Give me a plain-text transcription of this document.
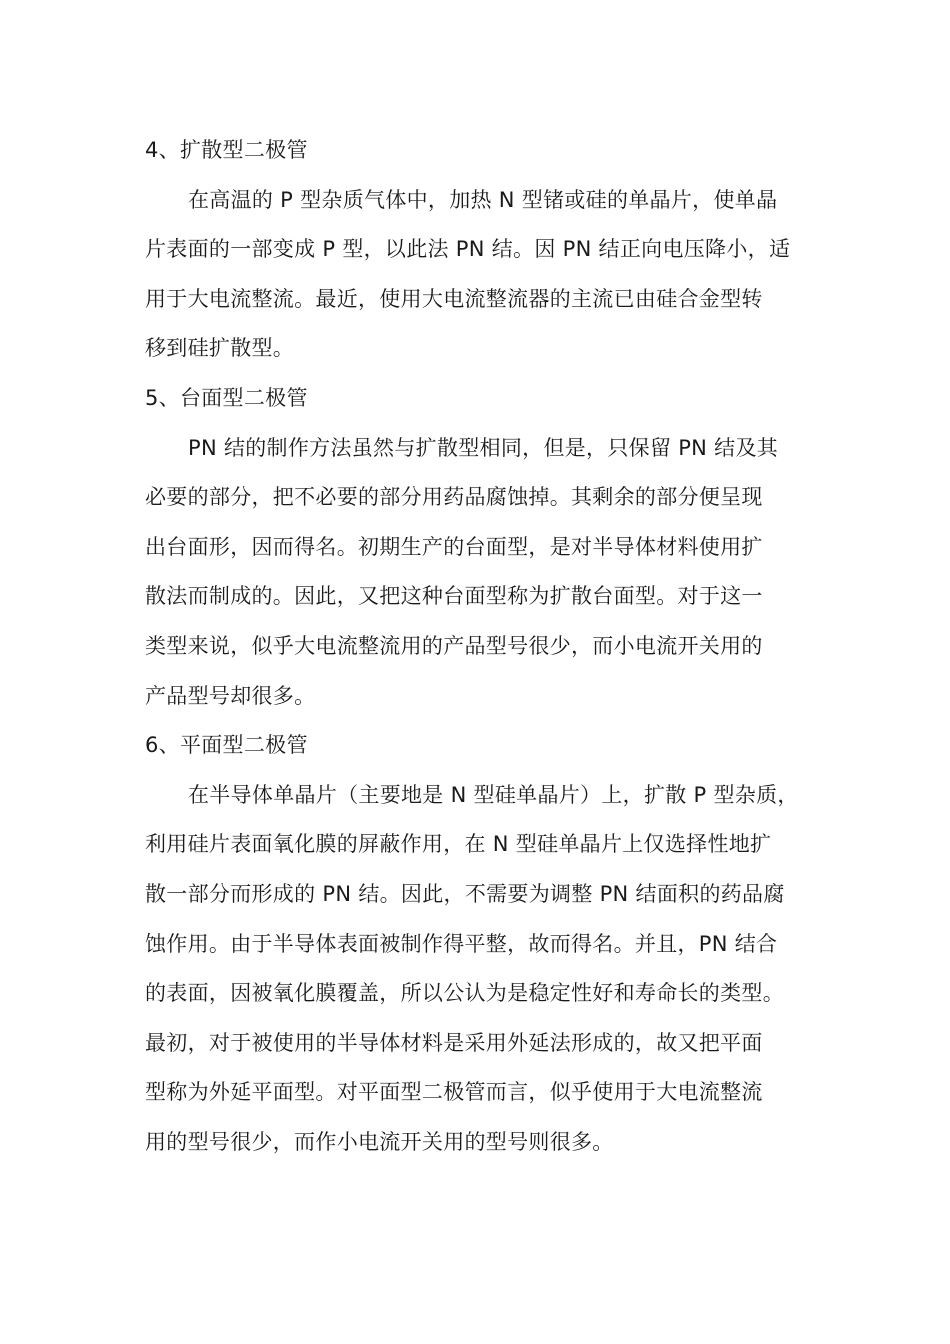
4、扩散型二极管
在高温的 P 型杂质气体中，加热 N 型锗或硅的单晶片，使单晶
片表面的一部变成 P 型，以此法 PN 结。因 PN 结正向电压降小，适
用于大电流整流。最近，使用大电流整流器的主流已由硅合金型转
移到硅扩散型。
5、台面型二极管
PN 结的制作方法虽然与扩散型相同，但是，只保留 PN 结及其
必要的部分，把不必要的部分用药品腐蚀掉。其剩余的部分便呈现
出台面形，因而得名。初期生产的台面型，是对半导体材料使用扩
散法而制成的。因此，又把这种台面型称为扩散台面型。对于这一
类型来说，似乎大电流整流用的产品型号很少，而小电流开关用的
产品型号却很多。
6、平面型二极管
在半导体单晶片（主要地是 N 型硅单晶片）上，扩散 P 型杂质，
利用硅片表面氧化膜的屏蔽作用，在 N 型硅单晶片上仅选择性地扩
散一部分而形成的 PN 结。因此，不需要为调整 PN 结面积的药品腐
蚀作用。由于半导体表面被制作得平整，故而得名。并且，PN 结合
的表面，因被氧化膜覆盖，所以公认为是稳定性好和寿命长的类型。
最初，对于被使用的半导体材料是采用外延法形成的，故又把平面
型称为外延平面型。对平面型二极管而言，似乎使用于大电流整流
用的型号很少，而作小电流开关用的型号则很多。
